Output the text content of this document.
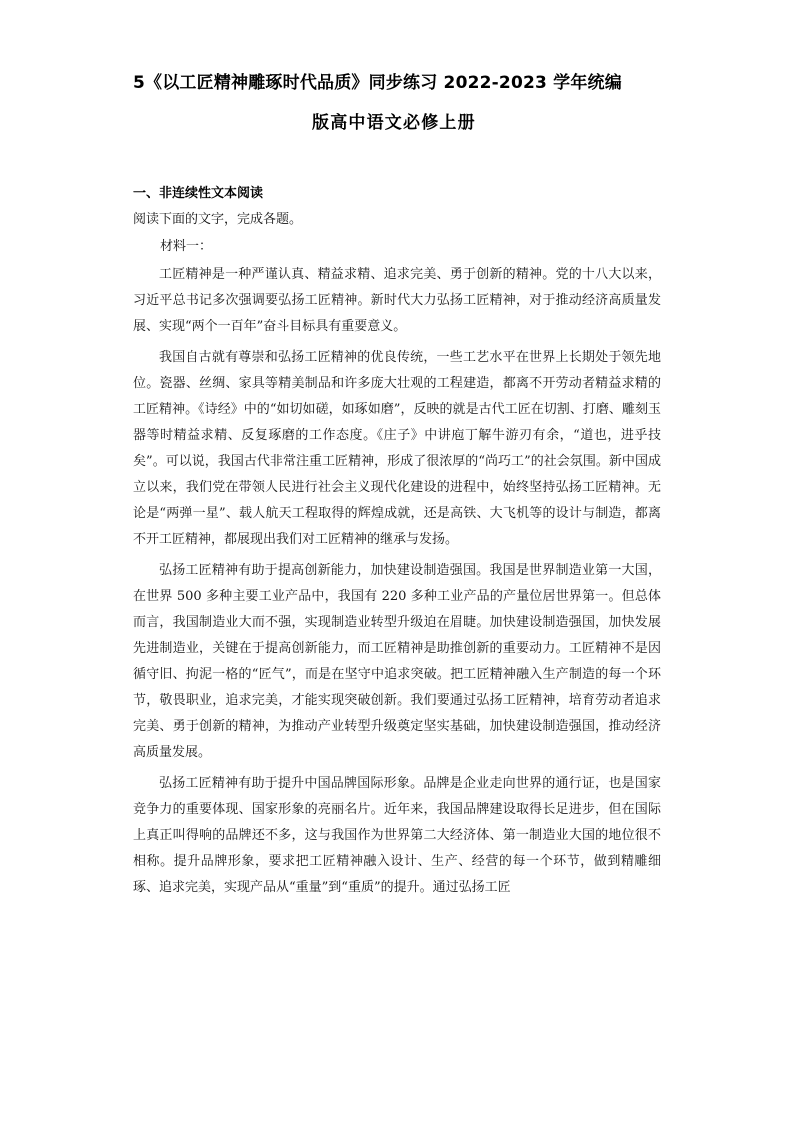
5《以工匠精神雕琢时代品质》同步练习 2022-2023 学年统编
版高中语文必修上册
一、非连续性文本阅读
阅读下面的文字，完成各题。
材料一：

工匠精神是一种严谨认真、精益求精、追求完美、勇于创新的精神。党的十八大以来，习近平总书记多次强调要弘扬工匠精神。新时代大力弘扬工匠精神，对于推动经济高质量发展、实现“两个一百年”奋斗目标具有重要意义。

我国自古就有尊崇和弘扬工匠精神的优良传统，一些工艺水平在世界上长期处于领先地位。瓷器、丝绸、家具等精美制品和许多庞大壮观的工程建造，都离不开劳动者精益求精的工匠精神。《诗经》中的“如切如磋，如琢如磨”，反映的就是古代工匠在切割、打磨、雕刻玉器等时精益求精、反复琢磨的工作态度。《庄子》中讲庖丁解牛游刃有余，“道也，进乎技矣”。可以说，我国古代非常注重工匠精神，形成了很浓厚的“尚巧工”的社会氛围。新中国成立以来，我们党在带领人民进行社会主义现代化建设的进程中，始终坚持弘扬工匠精神。无论是“两弹一星”、载人航天工程取得的辉煌成就，还是高铁、大飞机等的设计与制造，都离不开工匠精神，都展现出我们对工匠精神的继承与发扬。

弘扬工匠精神有助于提高创新能力，加快建设制造强国。我国是世界制造业第一大国，在世界 500 多种主要工业产品中，我国有 220 多种工业产品的产量位居世界第一。但总体而言，我国制造业大而不强，实现制造业转型升级迫在眉睫。加快建设制造强国，加快发展先进制造业，关键在于提高创新能力，而工匠精神是助推创新的重要动力。工匠精神不是因循守旧、拘泥一格的“匠气”，而是在坚守中追求突破。把工匠精神融入生产制造的每一个环节，敬畏职业，追求完美，才能实现突破创新。我们要通过弘扬工匠精神，培育劳动者追求完美、勇于创新的精神，为推动产业转型升级奠定坚实基础，加快建设制造强国，推动经济高质量发展。

弘扬工匠精神有助于提升中国品牌国际形象。品牌是企业走向世界的通行证，也是国家竞争力的重要体现、国家形象的亮丽名片。近年来，我国品牌建设取得长足进步，但在国际上真正叫得响的品牌还不多，这与我国作为世界第二大经济体、第一制造业大国的地位很不相称。提升品牌形象，要求把工匠精神融入设计、生产、经营的每一个环节，做到精雕细琢、追求完美，实现产品从“重量”到“重质”的提升。通过弘扬工匠
